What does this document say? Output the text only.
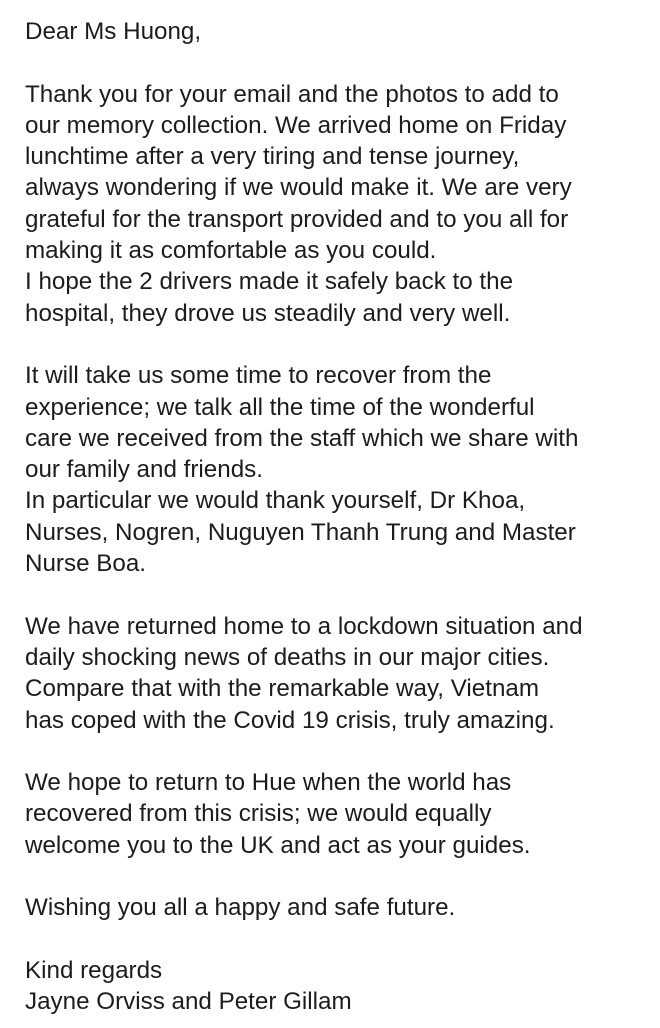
Dear Ms Huong,
Thank you for your email and the photos to add to
our memory collection. We arrived home on Friday
lunchtime after a very tiring and tense journey,
always wondering if we would make it. We are very
grateful for the transport provided and to you all for
making it as comfortable as you could.
I hope the 2 drivers made it safely back to the
hospital, they drove us steadily and very well.
It will take us some time to recover from the
experience; we talk all the time of the wonderful
care we received from the staff which we share with
our family and friends.
In particular we would thank yourself, Dr Khoa,
Nurses, Nogren, Nuguyen Thanh Trung and Master
Nurse Boa.
We have returned home to a lockdown situation and
daily shocking news of deaths in our major cities.
Compare that with the remarkable way, Vietnam
has coped with the Covid 19 crisis, truly amazing.
We hope to return to Hue when the world has
recovered from this crisis; we would equally
welcome you to the UK and act as your guides.
Wishing you all a happy and safe future.
Kind regards
Jayne Orviss and Peter Gillam
